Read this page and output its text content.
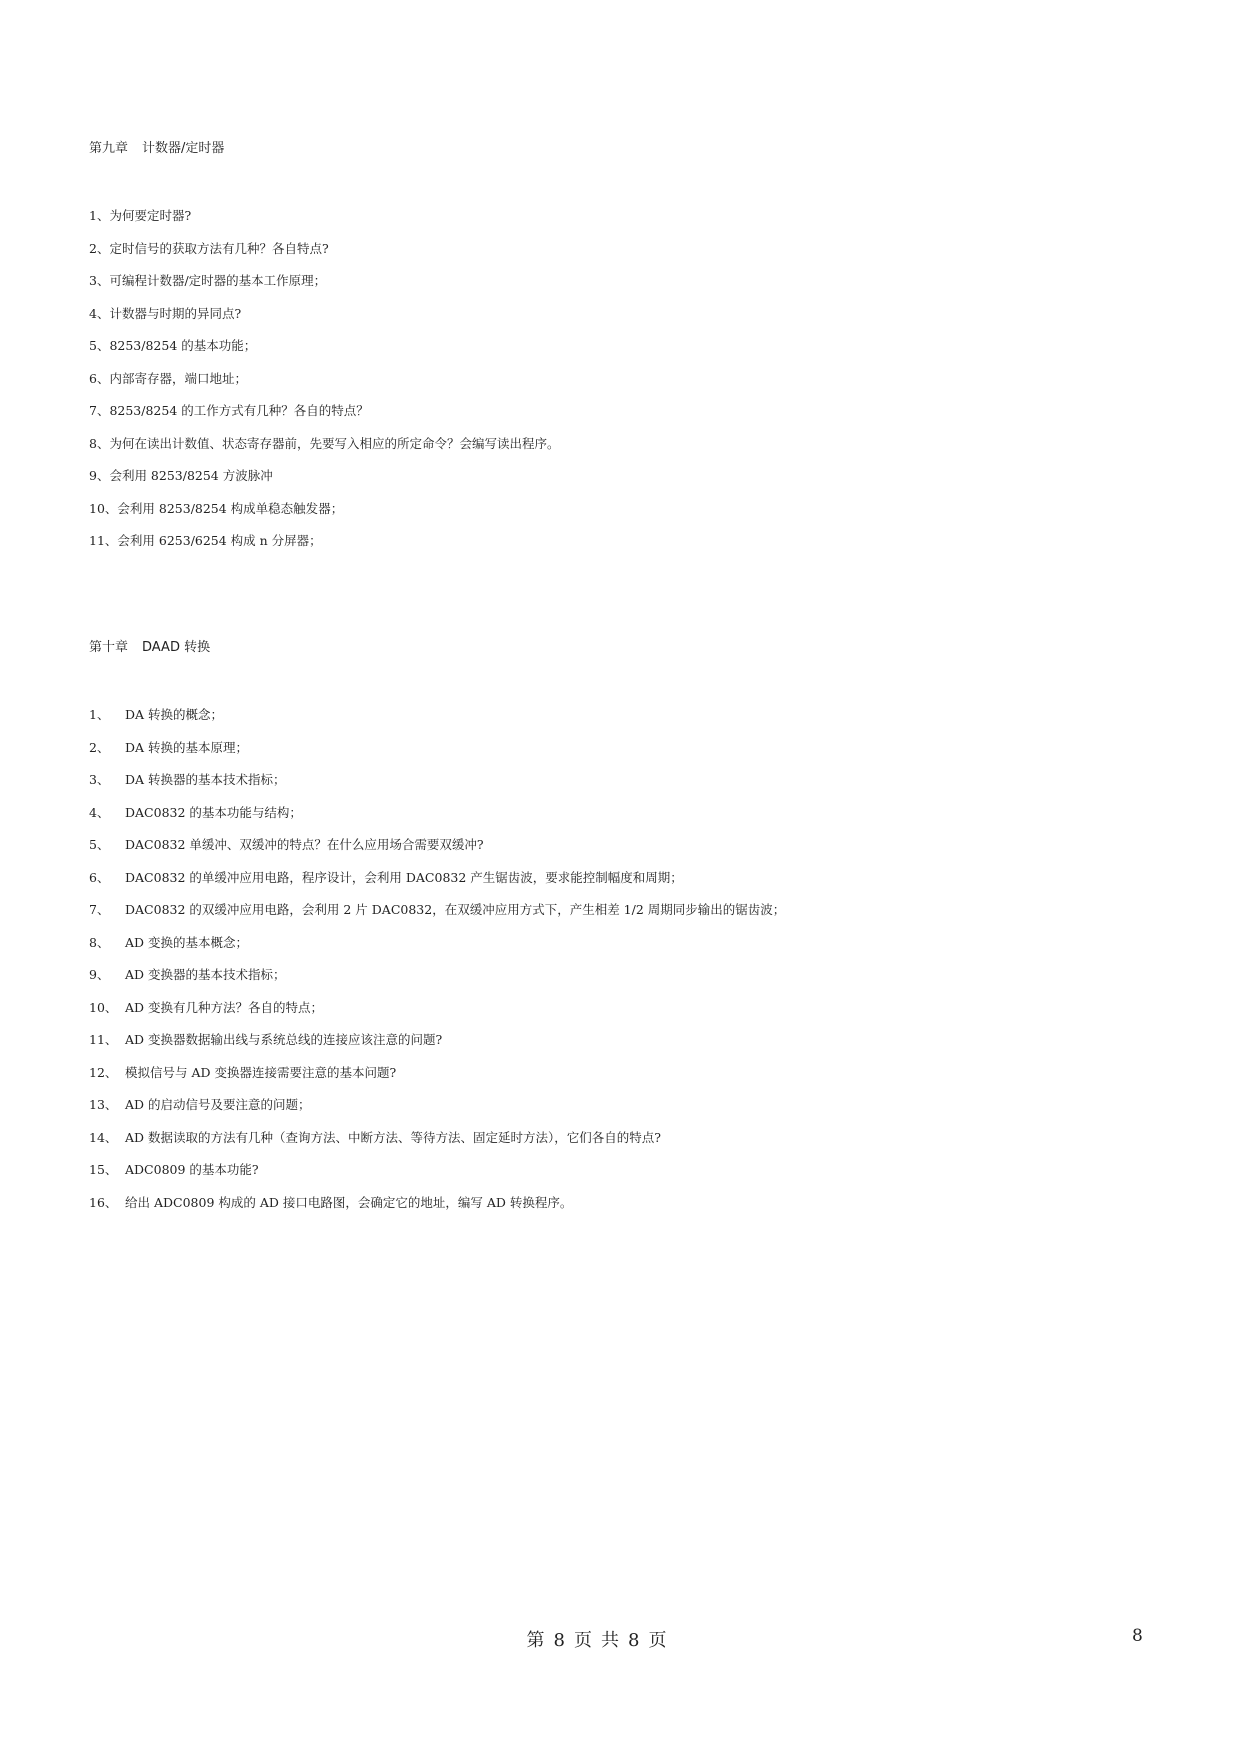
第九章 计数器/定时器
1、为何要定时器?
2、定时信号的获取方法有几种？各自特点?
3、可编程计数器/定时器的基本工作原理；
4、计数器与时期的异同点?
5、8253/8254 的基本功能；
6、内部寄存器，端口地址；
7、8253/8254 的工作方式有几种？各自的特点？
8、为何在读出计数值、状态寄存器前，先要写入相应的所定命令？会编写读出程序。
9、会利用 8253/8254 方波脉冲
10、会利用 8253/8254 构成单稳态触发器；
11、会利用 6253/6254 构成 n 分屏器；
第十章 DAAD 转换
1、	DA 转换的概念；
2、	DA 转换的基本原理；
3、	DA 转换器的基本技术指标；
4、	DAC0832 的基本功能与结构；
5、	DAC0832 单缓冲、双缓冲的特点？在什么应用场合需要双缓冲?
6、	DAC0832 的单缓冲应用电路，程序设计，会利用 DAC0832 产生锯齿波，要求能控制幅度和周期；
7、	DAC0832 的双缓冲应用电路，会利用 2 片 DAC0832，在双缓冲应用方式下，产生相差 1/2 周期同步输出的锯齿波；
8、	AD 变换的基本概念；
9、	AD 变换器的基本技术指标；
10、 AD 变换有几种方法？各自的特点；
11、 AD 变换器数据输出线与系统总线的连接应该注意的问题?
12、 模拟信号与 AD 变换器连接需要注意的基本问题?
13、 AD 的启动信号及要注意的问题；
14、 AD 数据读取的方法有几种（查询方法、中断方法、等待方法、固定延时方法），它们各自的特点?
15、 ADC0809 的基本功能?
16、 给出 ADC0809 构成的 AD 接口电路图，会确定它的地址，编写 AD 转换程序。
第 8 页 共 8 页	8
